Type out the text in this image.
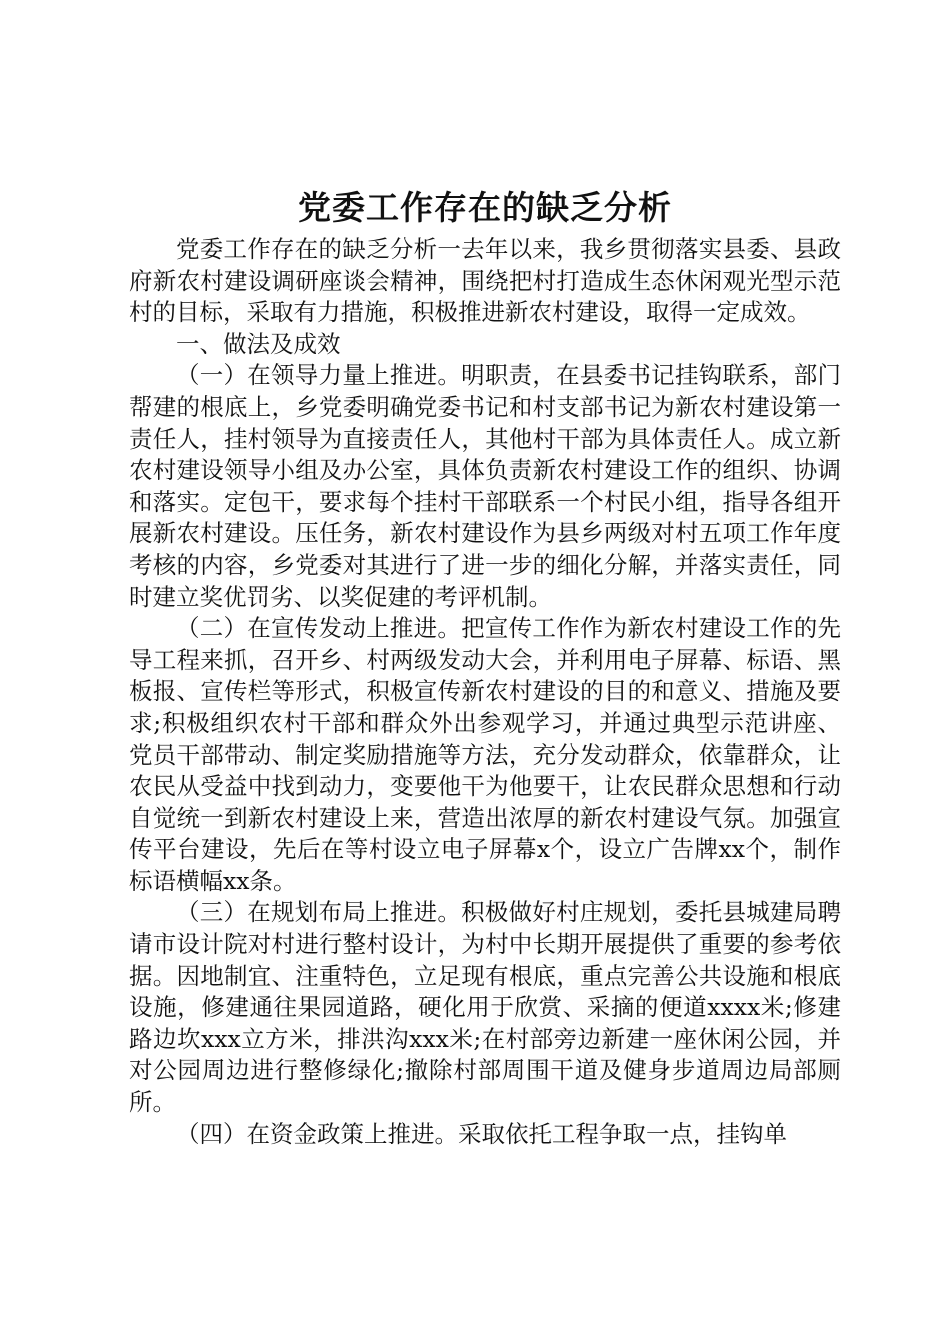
党委工作存在的缺乏分析

党委工作存在的缺乏分析一去年以来，我乡贯彻落实县委、县政府新农村建设调研座谈会精神，围绕把村打造成生态休闲观光型示范村的目标，采取有力措施，积极推进新农村建设，取得一定成效。

一、做法及成效

（一）在领导力量上推进。明职责，在县委书记挂钩联系，部门帮建的根底上，乡党委明确党委书记和村支部书记为新农村建设第一责任人，挂村领导为直接责任人，其他村干部为具体责任人。成立新农村建设领导小组及办公室，具体负责新农村建设工作的组织、协调和落实。定包干，要求每个挂村干部联系一个村民小组，指导各组开展新农村建设。压任务，新农村建设作为县乡两级对村五项工作年度考核的内容，乡党委对其进行了进一步的细化分解，并落实责任，同时建立奖优罚劣、以奖促建的考评机制。

（二）在宣传发动上推进。把宣传工作作为新农村建设工作的先导工程来抓，召开乡、村两级发动大会，并利用电子屏幕、标语、黑板报、宣传栏等形式，积极宣传新农村建设的目的和意义、措施及要求;积极组织农村干部和群众外出参观学习，并通过典型示范讲座、党员干部带动、制定奖励措施等方法，充分发动群众，依靠群众，让农民从受益中找到动力，变要他干为他要干，让农民群众思想和行动自觉统一到新农村建设上来，营造出浓厚的新农村建设气氛。加强宣传平台建设，先后在等村设立电子屏幕x个，设立广告牌xx个，制作标语横幅xx条。

（三）在规划布局上推进。积极做好村庄规划，委托县城建局聘请市设计院对村进行整村设计，为村中长期开展提供了重要的参考依据。因地制宜、注重特色，立足现有根底，重点完善公共设施和根底设施，修建通往果园道路，硬化用于欣赏、采摘的便道xxxx米;修建路边坎xxx立方米，排洪沟xxx米;在村部旁边新建一座休闲公园，并对公园周边进行整修绿化;撤除村部周围干道及健身步道周边局部厕所。

（四）在资金政策上推进。采取依托工程争取一点，挂钩单
